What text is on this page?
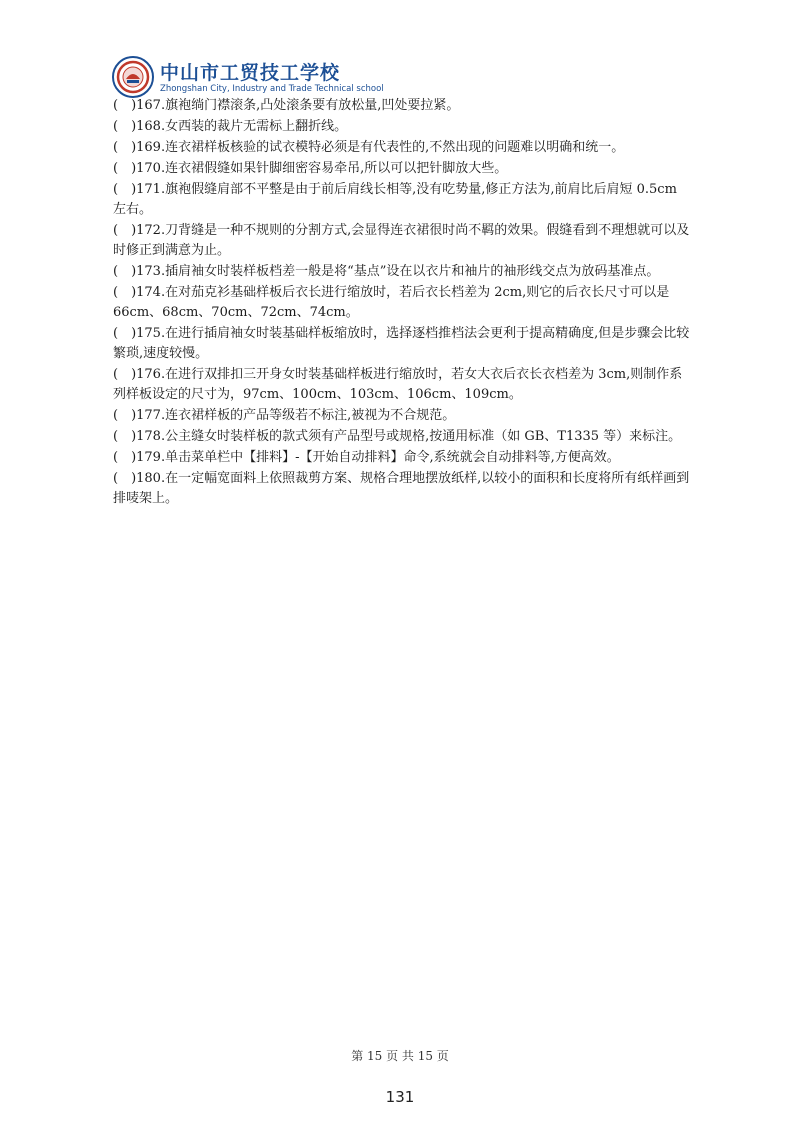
中山市工贸技工学校
Zhongshan City, Industry and Trade Technical school

(　)167.旗袍绱门襟滚条,凸处滚条要有放松量,凹处要拉紧。

(　)168.女西装的裁片无需标上翻折线。

(　)169.连衣裙样板核验的试衣模特必须是有代表性的,不然出现的问题难以明确和统一。

(　)170.连衣裙假缝如果针脚细密容易牵吊,所以可以把针脚放大些。

(　)171.旗袍假缝肩部不平整是由于前后肩线长相等,没有吃势量,修正方法为,前肩比后肩短 0.5cm 左右。

(　)172.刀背缝是一种不规则的分割方式,会显得连衣裙很时尚不羁的效果。假缝看到不理想就可以及时修正到满意为止。

(　)173.插肩袖女时装样板档差一般是将“基点”设在以衣片和袖片的袖形线交点为放码基准点。

(　)174.在对茄克衫基础样板后衣长进行缩放时，若后衣长档差为 2cm,则它的后衣长尺寸可以是 66cm、68cm、70cm、72cm、74cm。

(　)175.在进行插肩袖女时装基础样板缩放时，选择逐档推档法会更利于提高精确度,但是步骤会比较繁琐,速度较慢。

(　)176.在进行双排扣三开身女时装基础样板进行缩放时，若女大衣后衣长衣档差为 3cm,则制作系列样板设定的尺寸为，97cm、100cm、103cm、106cm、109cm。

(　)177.连衣裙样板的产品等级若不标注,被视为不合规范。

(　)178.公主缝女时装样板的款式须有产品型号或规格,按通用标准（如 GB、T1335 等）来标注。

(　)179.单击菜单栏中【排料】-【开始自动排料】命令,系统就会自动排料等,方便高效。

(　)180.在一定幅宽面料上依照裁剪方案、规格合理地摆放纸样,以较小的面积和长度将所有纸样画到排唛架上。

第 15 页 共 15 页
131
